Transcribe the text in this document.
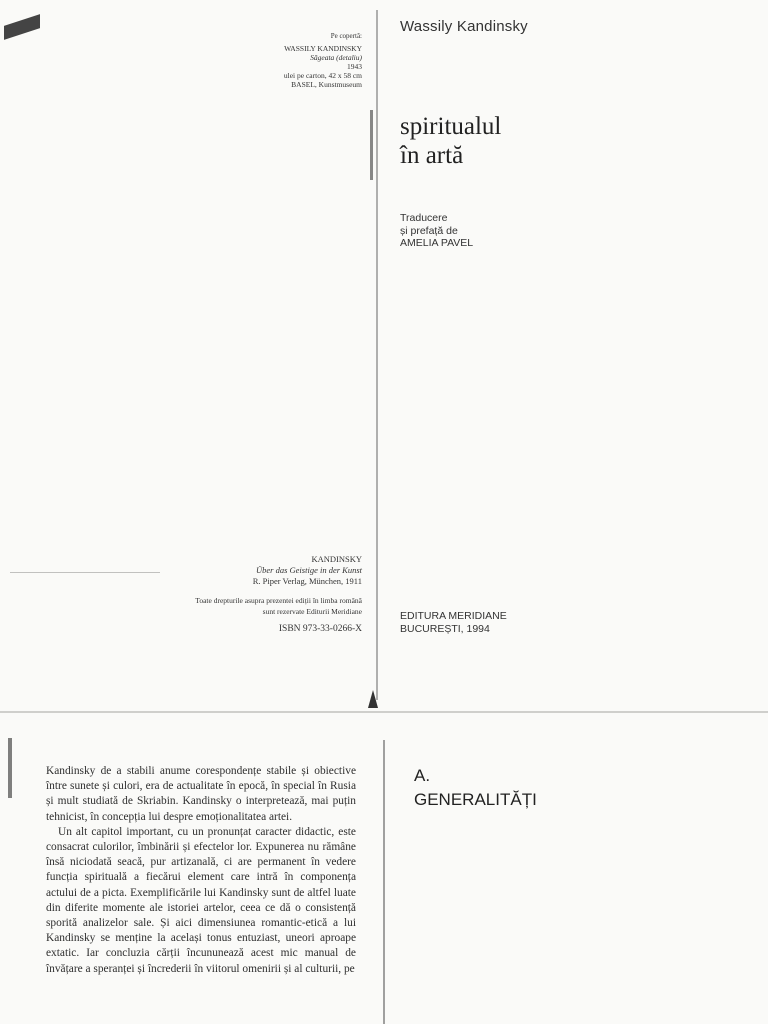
Pe copertă:
WASSILY KANDINSKY
Săgeata (detaliu)
1943
ulei pe carton, 42 x 58 cm
BASEL, Kunstmuseum
KANDINSKY
Über das Geistige in der Kunst
R. Piper Verlag, München, 1911
Toate drepturile asupra prezentei ediții în limba română
sunt rezervate Editurii Meridiane
ISBN 973-33-0266-X
Wassily Kandinsky
spiritualul
în artă
Traducere
și prefață de
AMELIA PAVEL
EDITURA MERIDIANE
BUCUREȘTI, 1994

Kandinsky de a stabili anume corespondențe stabile și obiective între sunete și culori, era de actualitate în epocă, în special în Rusia și mult studiată de Skriabin. Kandinsky o interpretează, mai puțin tehnicist, în concepția lui despre emoționalitatea artei.

Un alt capitol important, cu un pronunțat caracter didactic, este consacrat culorilor, îmbinării și efectelor lor. Expunerea nu rămâne însă niciodată seacă, pur artizanală, ci are permanent în vedere funcția spirituală a fiecărui element care intră în componența actului de a picta. Exemplificările lui Kandinsky sunt de altfel luate din diferite momente ale istoriei artelor, ceea ce dă o consistență sporită analizelor sale. Și aici dimensiunea romantic-etică a lui Kandinsky se menține la același tonus entuziast, uneori aproape extatic. Iar concluzia cărții încununează acest mic manual de învățare a speranței și încrederii în viitorul omenirii și al culturii, pe

A.
GENERALITĂȚI
